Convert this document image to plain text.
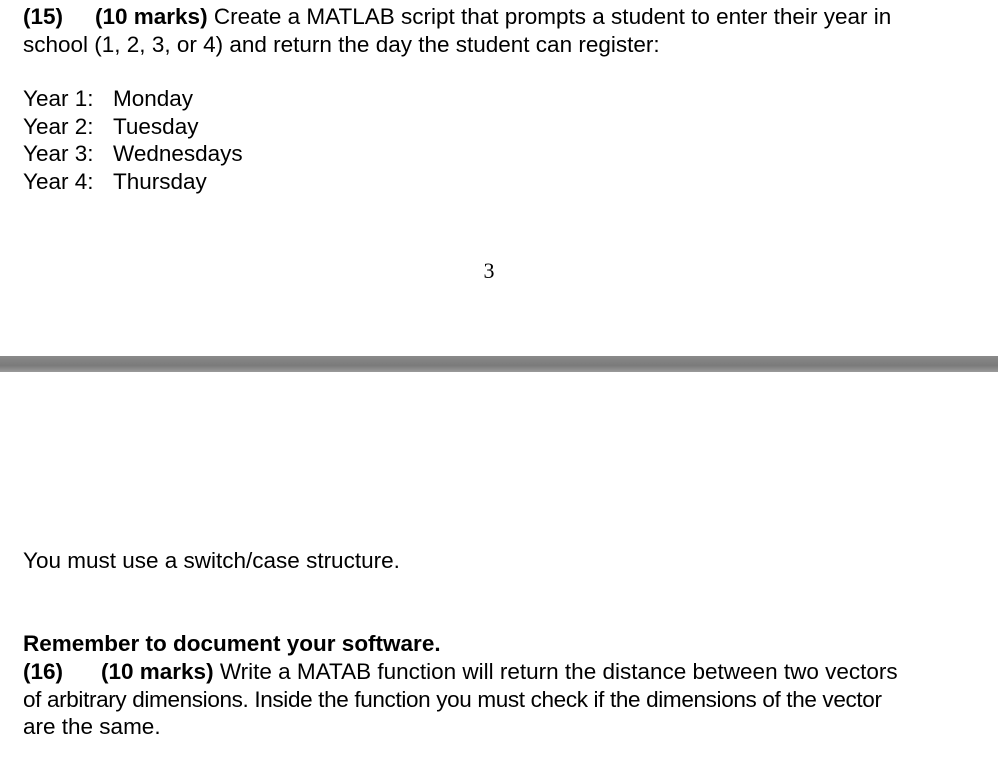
(15) (10 marks) Create a MATLAB script that prompts a student to enter their year in
school (1, 2, 3, or 4) and return the day the student can register:
Year 1: Monday
Year 2: Tuesday
Year 3: Wednesdays
Year 4: Thursday
3
You must use a switch/case structure.
Remember to document your software.
(16) (10 marks) Write a MATAB function will return the distance between two vectors
of arbitrary dimensions. Inside the function you must check if the dimensions of the vector
are the same.
